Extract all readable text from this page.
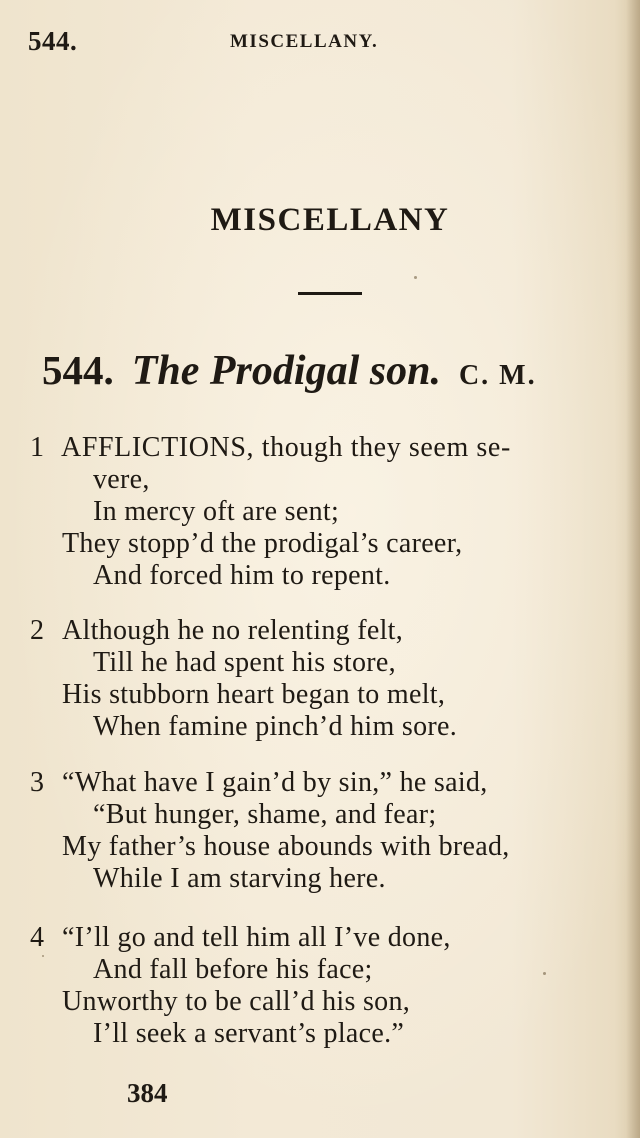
544.	MISCELLANY.
MISCELLANY
544. The Prodigal son. C. M.
1 AFFLICTIONS, though they seem se-
vere,
In mercy oft are sent;
They stopp’d the prodigal’s career,
And forced him to repent.
2 Although he no relenting felt,
Till he had spent his store,
His stubborn heart began to melt,
When famine pinch’d him sore.
3 “What have I gain’d by sin,” he said,
“But hunger, shame, and fear;
My father’s house abounds with bread,
While I am starving here.
4 “I’ll go and tell him all I’ve done,
And fall before his face;
Unworthy to be call’d his son,
I’ll seek a servant’s place.”
384
